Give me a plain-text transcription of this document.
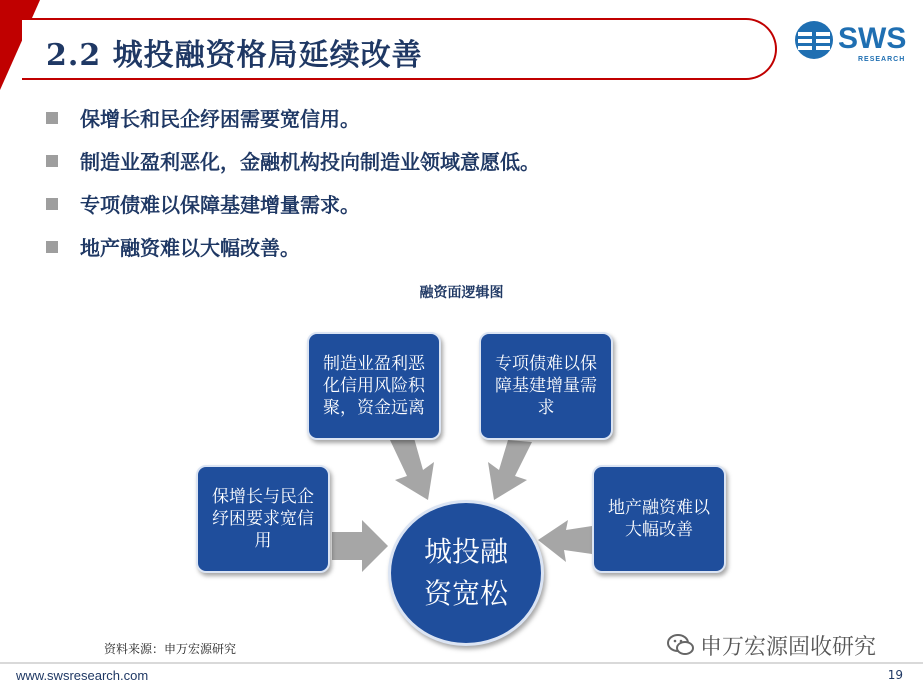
2.2 城投融资格局延续改善	SWS
RESEARCH
保增长和民企纾困需要宽信用。
制造业盈利恶化，金融机构投向制造业领域意愿低。
专项债难以保障基建增量需求。
地产融资难以大幅改善。
融资面逻辑图
保增长与民企纾困要求宽信用
制造业盈利恶化信用风险积聚，资金远离
专项债难以保障基建增量需求
地产融资难以大幅改善
城投融资宽松
资料来源：申万宏源研究	申万宏源固收研究
www.swsresearch.com	19
